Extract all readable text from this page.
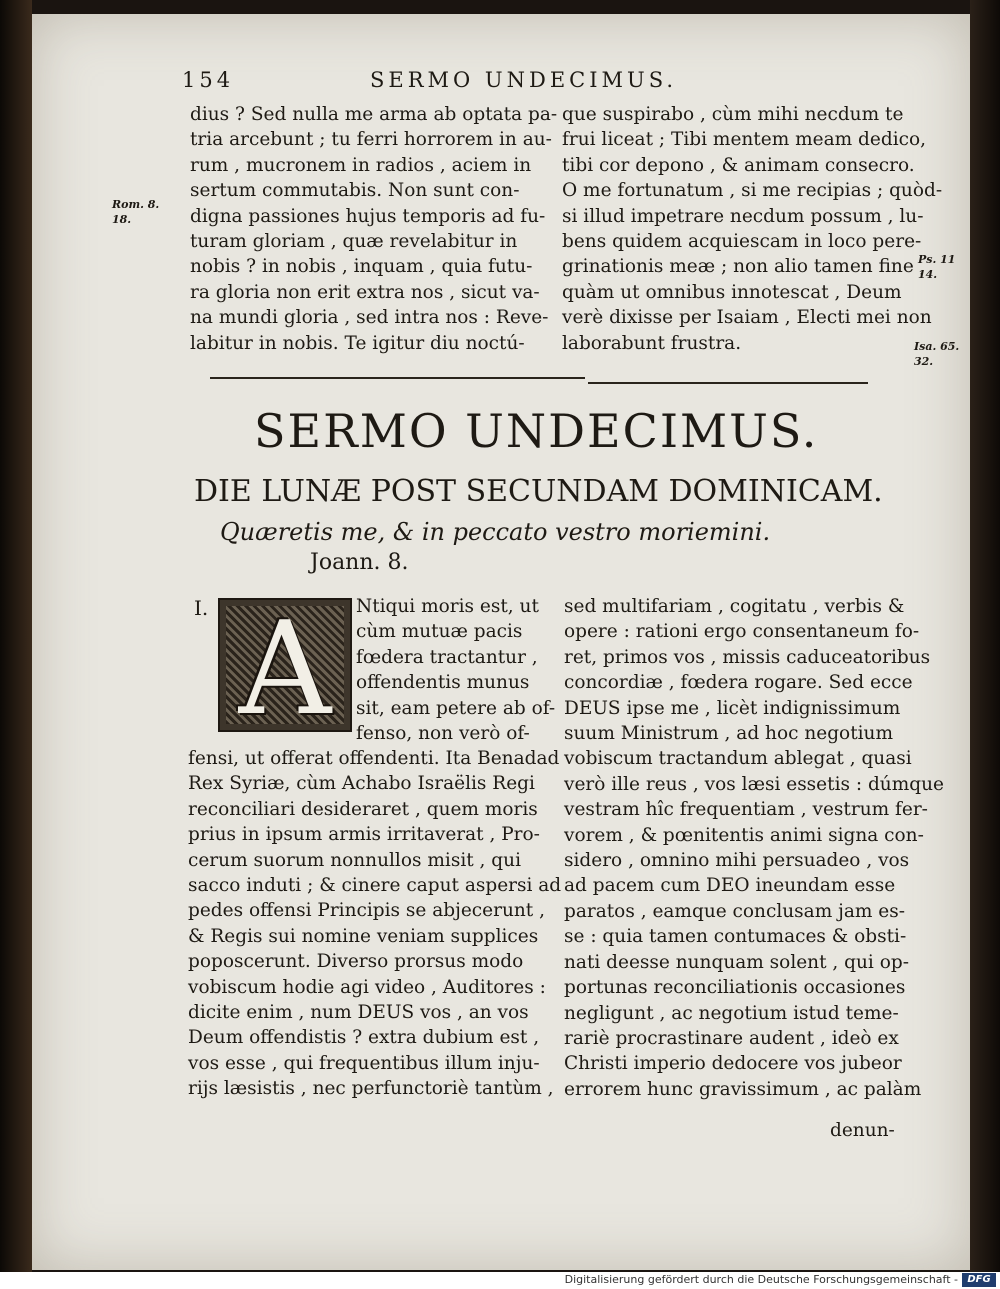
154	SERMO UNDECIMUS.
Rom. 8.
18.
Ps. 11 14.
Isa. 65. 32.
dius ? Sed nulla me arma ab optata pa-
tria arcebunt ; tu ferri horrorem in au-
rum , mucronem in radios , aciem in
sertum commutabis. Non sunt con-
digna passiones hujus temporis ad fu-
turam gloriam , quæ revelabitur in
nobis ? in nobis , inquam , quia futu-
ra gloria non erit extra nos , sicut va-
na mundi gloria , sed intra nos : Reve-
labitur in nobis. Te igitur diu noctú-
que suspirabo , cùm mihi necdum te
frui liceat ; Tibi mentem meam dedico,
tibi cor depono , & animam consecro.
O me fortunatum , si me recipias ; quòd-
si illud impetrare necdum possum , lu-
bens quidem acquiescam in loco pere-
grinationis meæ ; non alio tamen fine ,
quàm ut omnibus innotescat , Deum
verè dixisse per Isaiam , Electi mei non
laborabunt frustra.
SERMO UNDECIMUS.
DIE LUNÆ POST SECUNDAM DOMINICAM.
Quæretis me, & in peccato vestro moriemini.
Joann. 8.
I. A	Ntiqui moris est, ut
cùm mutuæ pacis
fœdera tractantur ,
offendentis munus
sit, eam petere ab of-
fenso, non verò of-
fensi, ut offerat offendenti. Ita Benadad
Rex Syriæ, cùm Achabo Israëlis Regi
reconciliari desideraret , quem moris
prius in ipsum armis irritaverat , Pro-
cerum suorum nonnullos misit , qui
sacco induti ; & cinere caput aspersi ad
pedes offensi Principis se abjecerunt ,
& Regis sui nomine veniam supplices
poposcerunt. Diverso prorsus modo
vobiscum hodie agi video , Auditores :
dicite enim , num DEUS vos , an vos
Deum offendistis ? extra dubium est ,
vos esse , qui frequentibus illum inju-
rijs læsistis , nec perfunctoriè tantùm ,
sed multifariam , cogitatu , verbis &
opere : rationi ergo consentaneum fo-
ret, primos vos , missis caduceatoribus
concordiæ , fœdera rogare. Sed ecce
DEUS ipse me , licèt indignissimum
suum Ministrum , ad hoc negotium
vobiscum tractandum ablegat , quasi
verò ille reus , vos læsi essetis : dúmque
vestram hîc frequentiam , vestrum fer-
vorem , & pœnitentis animi signa con-
sidero , omnino mihi persuadeo , vos
ad pacem cum DEO ineundam esse
paratos , eamque conclusam jam es-
se : quia tamen contumaces & obsti-
nati deesse nunquam solent , qui op-
portunas reconciliationis occasiones
negligunt , ac negotium istud teme-
rariè procrastinare audent , ideò ex
Christi imperio dedocere vos jubeor
errorem hunc gravissimum , ac palàm
denun-
Digitalisierung gefördert durch die Deutsche Forschungsgemeinschaft - DFG
